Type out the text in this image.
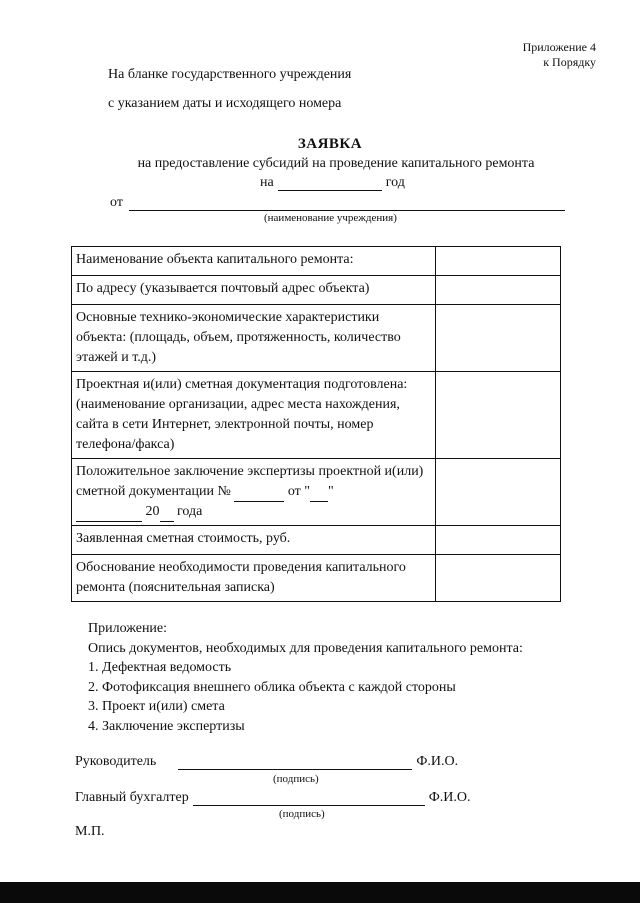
Приложение 4
к Порядку
На бланке государственного учреждения
с указанием даты и исходящего номера
ЗАЯВКА
на предоставление субсидий на проведение капитального ремонта
на	год
от
(наименование учреждения)
Наименование объекта капитального ремонта:	
По адресу (указывается почтовый адрес объекта)	
Основные технико-экономические характеристики объекта: (площадь, объем, протяженность, количество этажей и т.д.)	
Проектная и(или) сметная документация подготовлена: (наименование организации, адрес места нахождения, сайта в сети Интернет, электронной почты, номер телефона/факса)	
Положительное заключение экспертизы проектной и(или) сметной документации № от " "
20 года	
Заявленная сметная стоимость, руб.	
Обоснование необходимости проведения капитального ремонта (пояснительная записка)	
Приложение:
Опись документов, необходимых для проведения капитального ремонта:
1. Дефектная ведомость
2. Фотофиксация внешнего облика объекта с каждой стороны
3. Проект и(или) смета
4. Заключение экспертизы
Руководитель	Ф.И.О.
(подпись)
Главный бухгалтер	Ф.И.О.
(подпись)
М.П.
